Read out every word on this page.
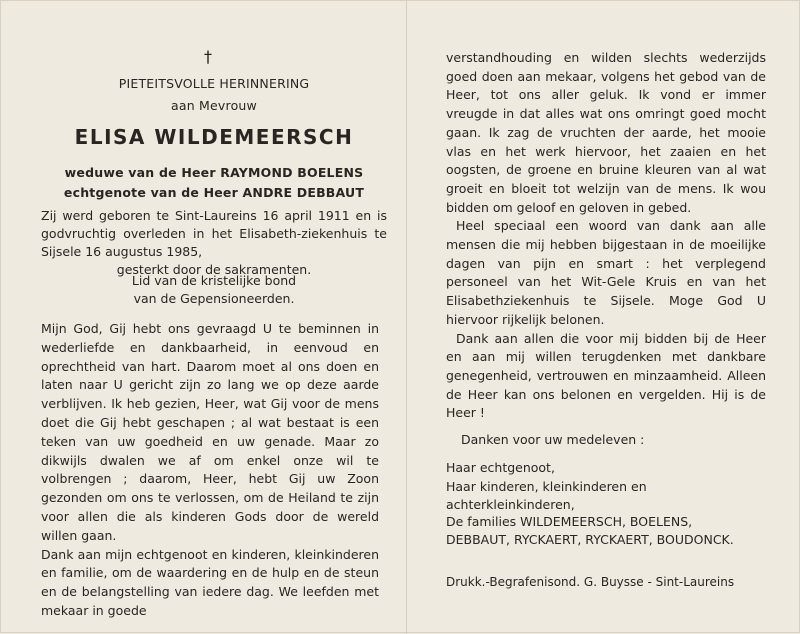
†
PIETEITSVOLLE HERINNERING
aan Mevrouw
ELISA WILDEMEERSCH
weduwe van de Heer RAYMOND BOELENS
echtgenote van de Heer ANDRE DEBBAUT

Zij werd geboren te Sint-Laureins 16 april 1911 en is godvruchtig overleden in het Elisabeth-ziekenhuis te Sijsele 16 augustus 1985,

gesterkt door de sakramenten.

Lid van de kristelijke bond

van de Gepensioneerden.

Mijn God, Gij hebt ons gevraagd U te beminnen in wederliefde en dankbaarheid, in eenvoud en oprechtheid van hart. Daarom moet al ons doen en laten naar U gericht zijn zo lang we op deze aarde verblijven. Ik heb gezien, Heer, wat Gij voor de mens doet die Gij hebt geschapen ; al wat bestaat is een teken van uw goedheid en uw genade. Maar zo dikwijls dwalen we af om enkel onze wil te volbrengen ; daarom, Heer, hebt Gij uw Zoon gezonden om ons te verlossen, om de Heiland te zijn voor allen die als kinderen Gods door de wereld willen gaan.

Dank aan mijn echtgenoot en kinderen, kleinkinderen en familie, om de waardering en de hulp en de steun en de belangstelling van iedere dag. We leefden met mekaar in goede

verstandhouding en wilden slechts wederzijds goed doen aan mekaar, volgens het gebod van de Heer, tot ons aller geluk. Ik vond er immer vreugde in dat alles wat ons omringt goed mocht gaan. Ik zag de vruchten der aarde, het mooie vlas en het werk hiervoor, het zaaien en het oogsten, de groene en bruine kleuren van al wat groeit en bloeit tot welzijn van de mens. Ik wou bidden om geloof en geloven in gebed.

Heel speciaal een woord van dank aan alle mensen die mij hebben bijgestaan in de moeilijke dagen van pijn en smart : het verplegend personeel van het Wit-Gele Kruis en van het Elisabethziekenhuis te Sijsele. Moge God U hiervoor rijkelijk belonen.

Dank aan allen die voor mij bidden bij de Heer en aan mij willen terugdenken met dankbare genegenheid, vertrouwen en minzaamheid. Alleen de Heer kan ons belonen en vergelden. Hij is de Heer !

Danken voor uw medeleven :
Haar echtgenoot,
Haar kinderen, kleinkinderen en
achterkleinkinderen,
De families WILDEMEERSCH, BOELENS,
DEBBAUT, RYCKAERT, RYCKAERT, BOUDONCK.
Drukk.-Begrafenisond. G. Buysse - Sint-Laureins
